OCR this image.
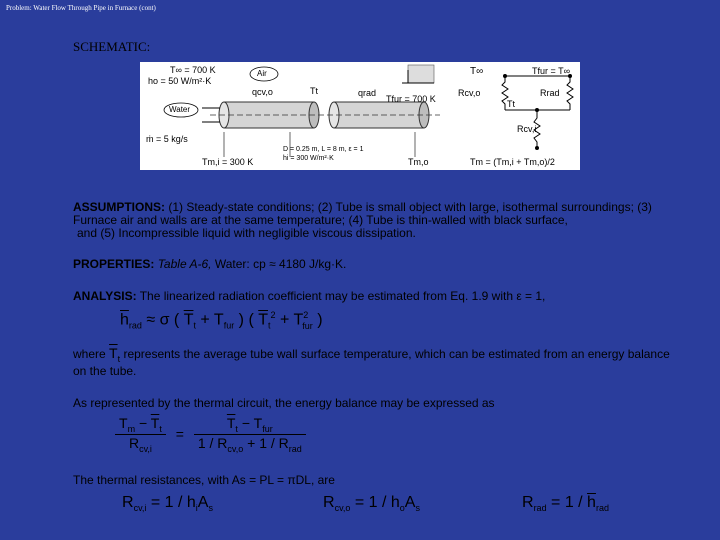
Problem: Water Flow Through Pipe in Furnace (cont)
SCHEMATIC:
T∞ = 700 K
ho = 50 W/m²·K
Air
Water
qcv,o	Tt	qrad
Tfur = 700 K
T∞	Tfur = T∞
Rcv,o	Rrad
Tt
Rcv,i
ṁ = 5 kg/s
D = 0.25 m, L = 8 m, ε = 1
hi = 300 W/m²·K
Tm,i = 300 K	Tm,o	Tm = (Tm,i + Tm,o)/2
ASSUMPTIONS: (1) Steady-state conditions; (2) Tube is small object with large, isothermal surroundings; (3)
Furnace air and walls are at the same temperature; (4) Tube is thin-walled with black surface,
and (5) Incompressible liquid with negligible viscous dissipation.
PROPERTIES: Table A-6, Water: cp ≈ 4180 J/kg·K.
ANALYSIS: The linearized radiation coefficient may be estimated from Eq. 1.9 with ε = 1,
$\overline{h}_{rad} \approx \sigma$ ( $\overline{T}_t + T_{fur}$ ) ( $\overline{T}_t^2 + T^2_{fur}$ )
where $\overline{T}_t$ represents the average tube wall surface temperature, which can be estimated from an energy balance
on the tube.
As represented by the thermal circuit, the energy balance may be expressed as
$T_m - \overline{T}_t$
$R_{cv,i}$
=
$\overline{T}_t - T_{fur}$
$1 / R_{cv,o} + 1 / R_{rad}$
The thermal resistances, with As = PL = πDL, are
$R_{cv,i} = 1 / h_iA_s$	$R_{cv,o} = 1 / h_oA_s$	$R_{rad} = 1 / \overline{h}_{rad}$
